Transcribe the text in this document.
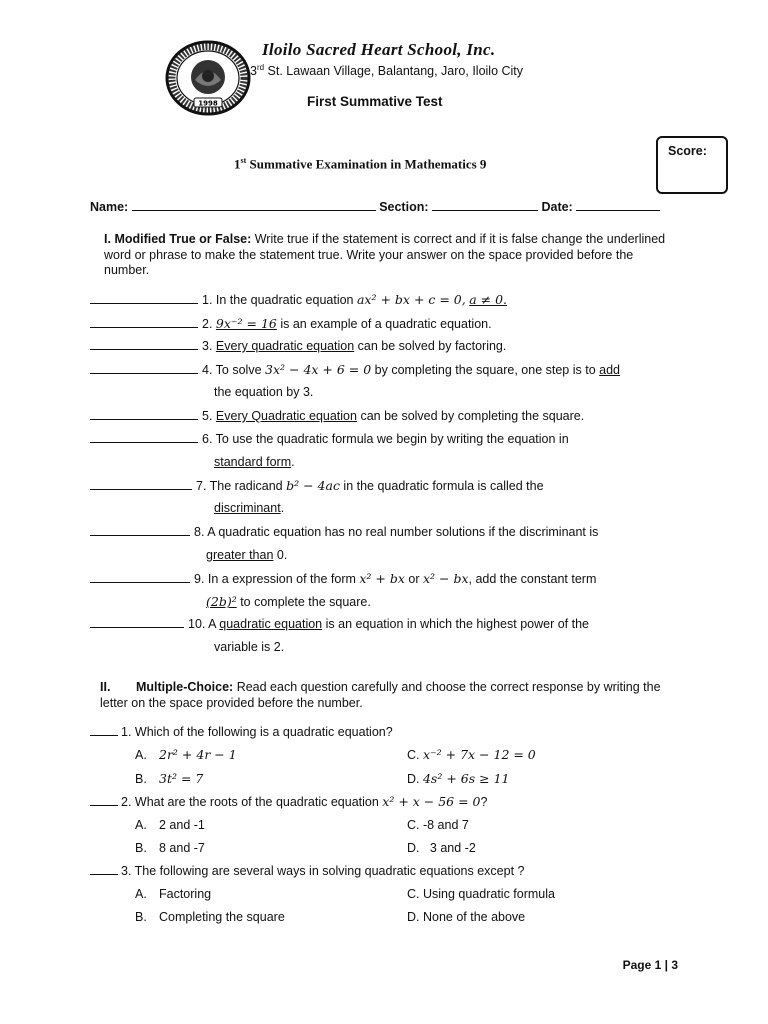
1998
Iloilo Sacred Heart School, Inc.
3rd St. Lawaan Village, Balantang, Jaro, Iloilo City
First Summative Test
Score:
1st Summative Examination in Mathematics 9
Name:	Section:	Date:
I. Modified True or False: Write true if the statement is correct and if it is false change the underlined word or phrase to make the statement true. Write your answer on the space provided before the number.
1. In the quadratic equation ax² + bx + c = 0, a ≠ 0.
2. 9x⁻² = 16 is an example of a quadratic equation.
3. Every quadratic equation can be solved by factoring.
4. To solve 3x² − 4x + 6 = 0 by completing the square, one step is to add
the equation by 3.
5. Every Quadratic equation can be solved by completing the square.
6. To use the quadratic formula we begin by writing the equation in
standard form.
7. The radicand b² − 4ac in the quadratic formula is called the
discriminant.
8. A quadratic equation has no real number solutions if the discriminant is
greater than 0.
9. In a expression of the form x² + bx or x² − bx, add the constant term
(2b)² to complete the square.
10. A quadratic equation is an equation in which the highest power of the
variable is 2.
II. Multiple-Choice: Read each question carefully and choose the correct response by writing the letter on the space provided before the number.
1. Which of the following is a quadratic equation?
A. 2r² + 4r − 1	C. x⁻² + 7x − 12 = 0
B. 3t² = 7	D. 4s² + 6s ≥ 11
2. What are the roots of the quadratic equation x² + x − 56 = 0?
A. 2 and -1	C. -8 and 7
B. 8 and -7	D.   3 and -2
3. The following are several ways in solving quadratic equations except ?
A. Factoring	C. Using quadratic formula
B. Completing the square	D. None of the above
Page 1 | 3
